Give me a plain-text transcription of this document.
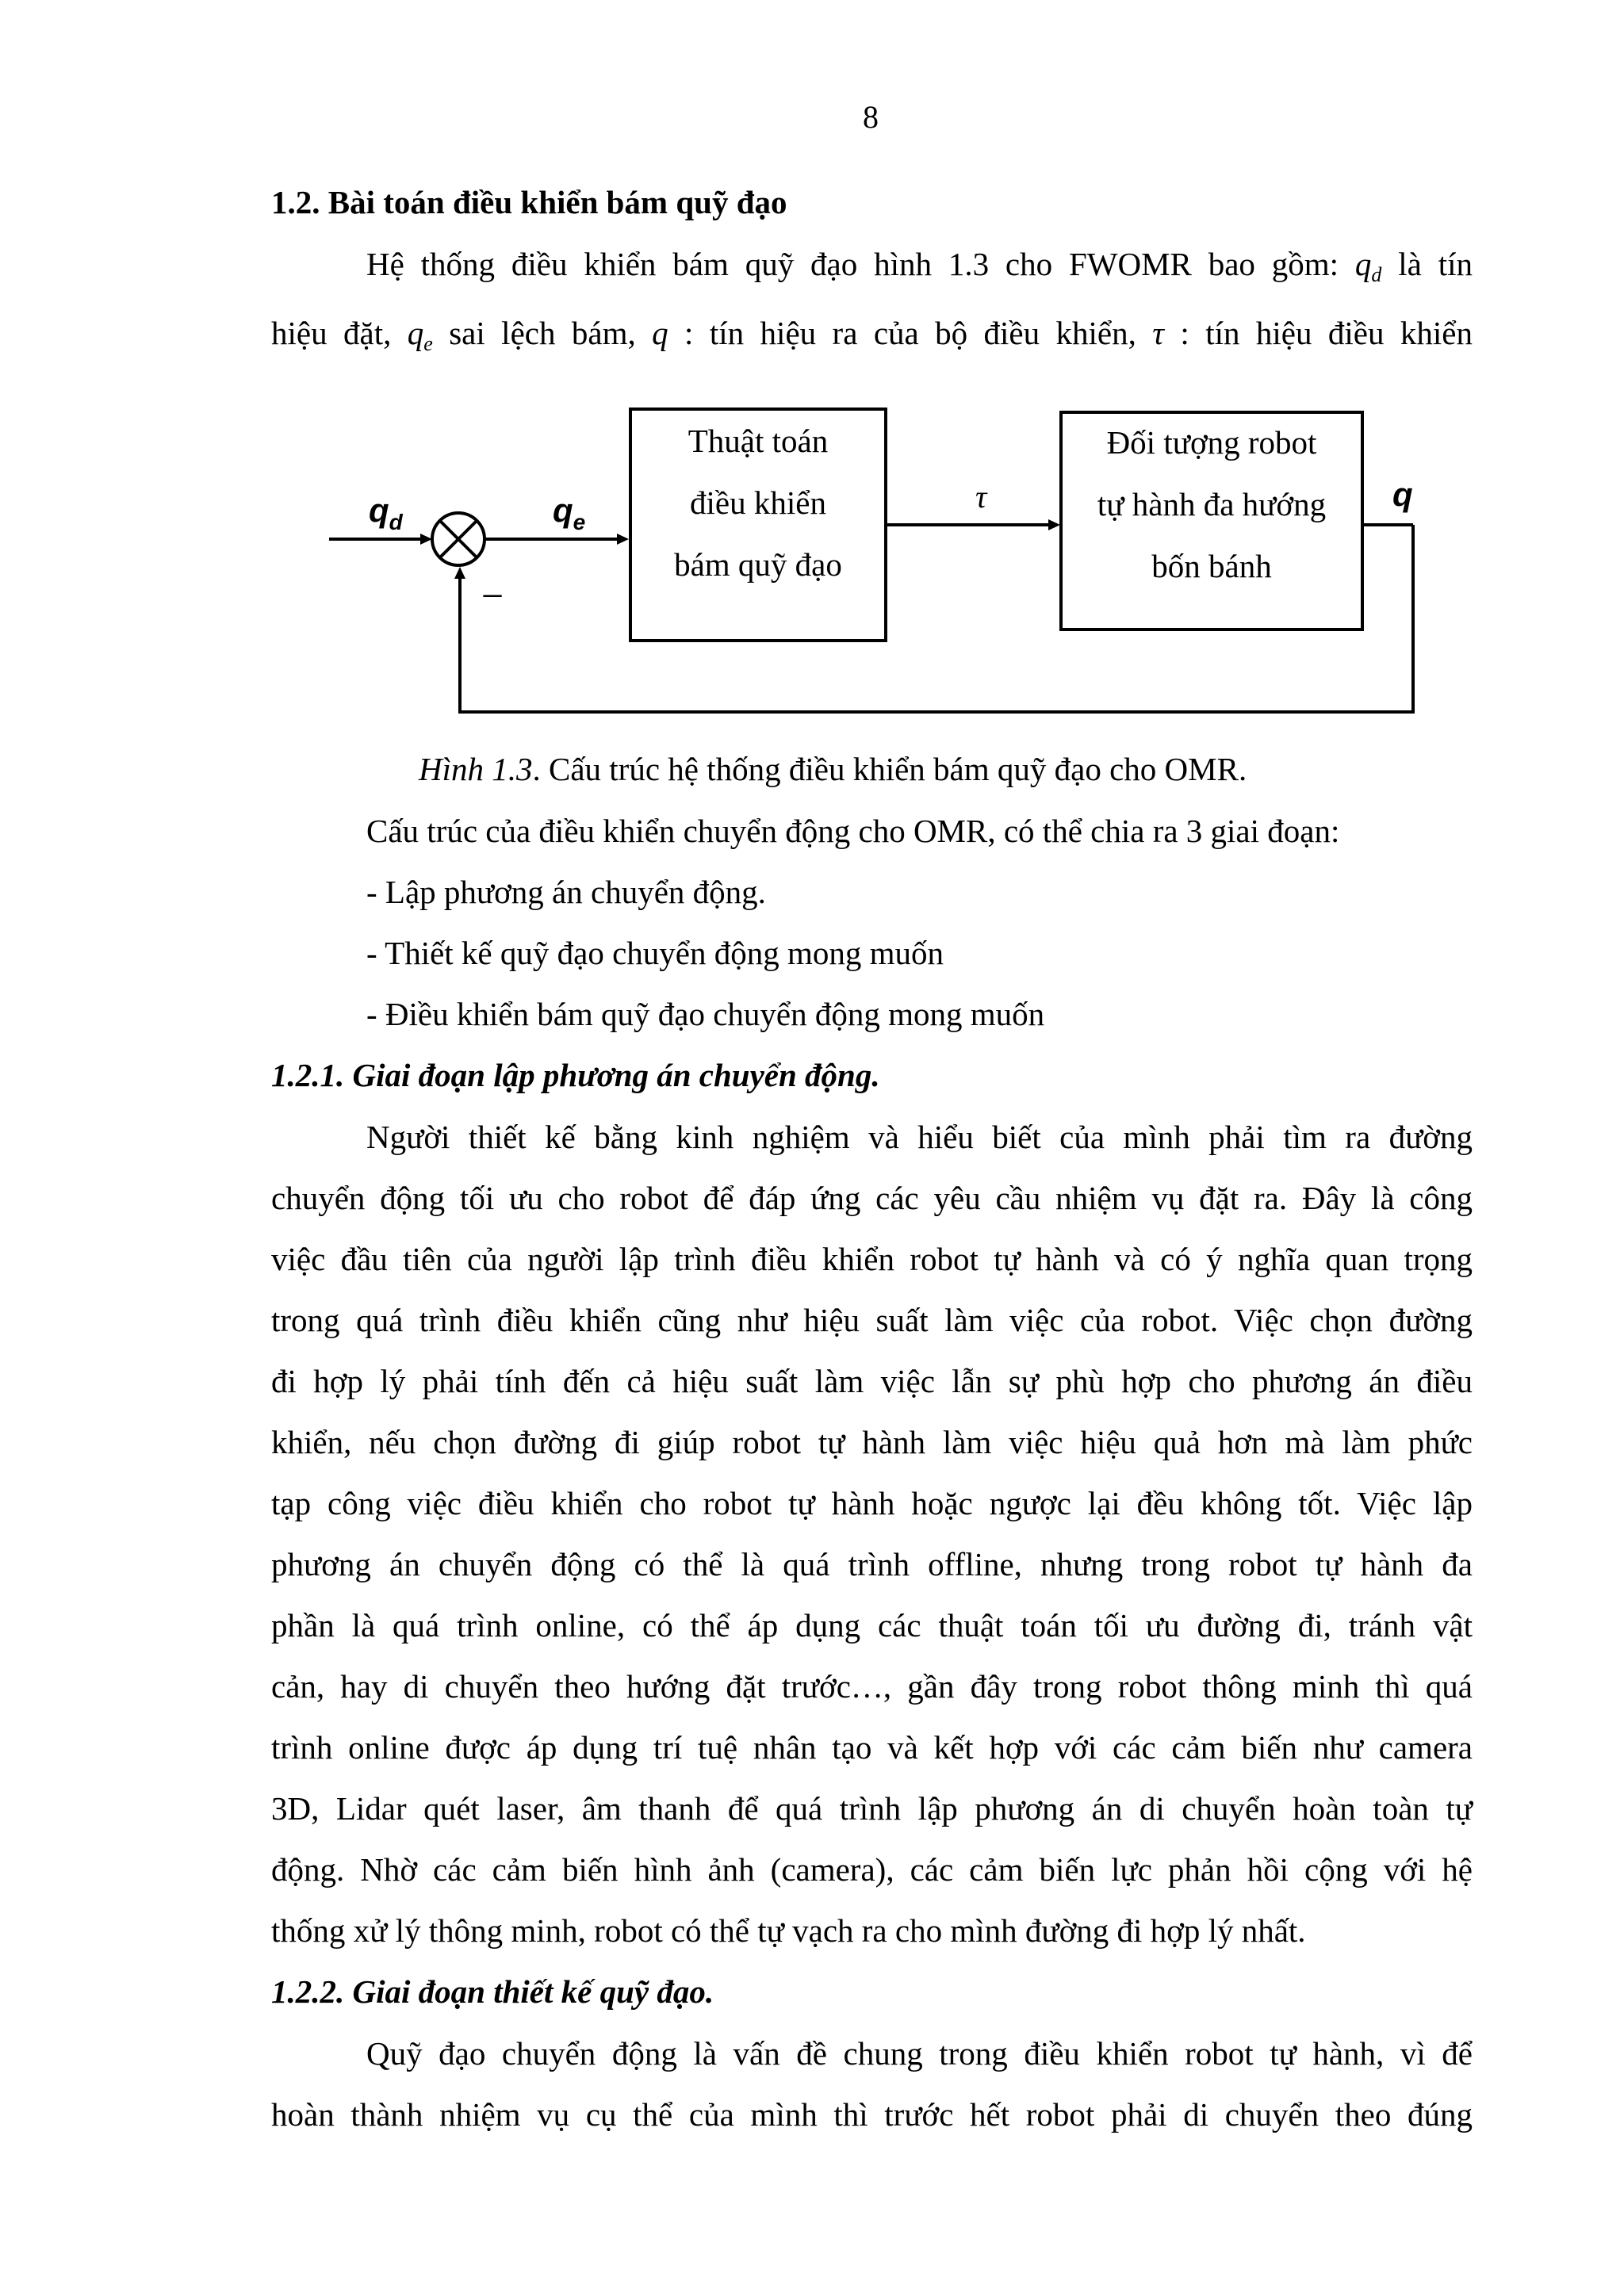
8
1.2. Bài toán điều khiển bám quỹ đạo
Hệ thống điều khiển bám quỹ đạo hình 1.3 cho FWOMR bao gồm: $q_d$ là tín
hiệu đặt, $q_e$ sai lệch bám, q : tín hiệu ra của bộ điều khiển, τ : tín hiệu điều khiển
$q_d$
_
$q_e$
Thuật toán
điều khiển
bám quỹ đạo
τ
Đối tượng robot
tự hành đa hướng
bốn bánh
q
Hình 1.3. Cấu trúc hệ thống điều khiển bám quỹ đạo cho OMR.
Cấu trúc của điều khiển chuyển động cho OMR, có thể chia ra 3 giai đoạn:
- Lập phương án chuyển động.
- Thiết kế quỹ đạo chuyển động mong muốn
- Điều khiển bám quỹ đạo chuyển động mong muốn
1.2.1. Giai đoạn lập phương án chuyển động.
Người thiết kế bằng kinh nghiệm và hiểu biết của mình phải tìm ra đường
chuyển động tối ưu cho robot để đáp ứng các yêu cầu nhiệm vụ đặt ra. Đây là công
việc đầu tiên của người lập trình điều khiển robot tự hành và có ý nghĩa quan trọng
trong quá trình điều khiển cũng như hiệu suất làm việc của robot. Việc chọn đường
đi hợp lý phải tính đến cả hiệu suất làm việc lẫn sự phù hợp cho phương án điều
khiển, nếu chọn đường đi giúp robot tự hành làm việc hiệu quả hơn mà làm phức
tạp công việc điều khiển cho robot tự hành hoặc ngược lại đều không tốt. Việc lập
phương án chuyển động có thể là quá trình offline, nhưng trong robot tự hành đa
phần là quá trình online, có thể áp dụng các thuật toán tối ưu đường đi, tránh vật
cản, hay di chuyển theo hướng đặt trước…, gần đây trong robot thông minh thì quá
trình online được áp dụng trí tuệ nhân tạo và kết hợp với các cảm biến như camera
3D, Lidar quét laser, âm thanh để quá trình lập phương án di chuyển hoàn toàn tự
động. Nhờ các cảm biến hình ảnh (camera), các cảm biến lực phản hồi cộng với hệ
thống xử lý thông minh, robot có thể tự vạch ra cho mình đường đi hợp lý nhất.
1.2.2. Giai đoạn thiết kế quỹ đạo.
Quỹ đạo chuyển động là vấn đề chung trong điều khiển robot tự hành, vì để
hoàn thành nhiệm vụ cụ thể của mình thì trước hết robot phải di chuyển theo đúng
